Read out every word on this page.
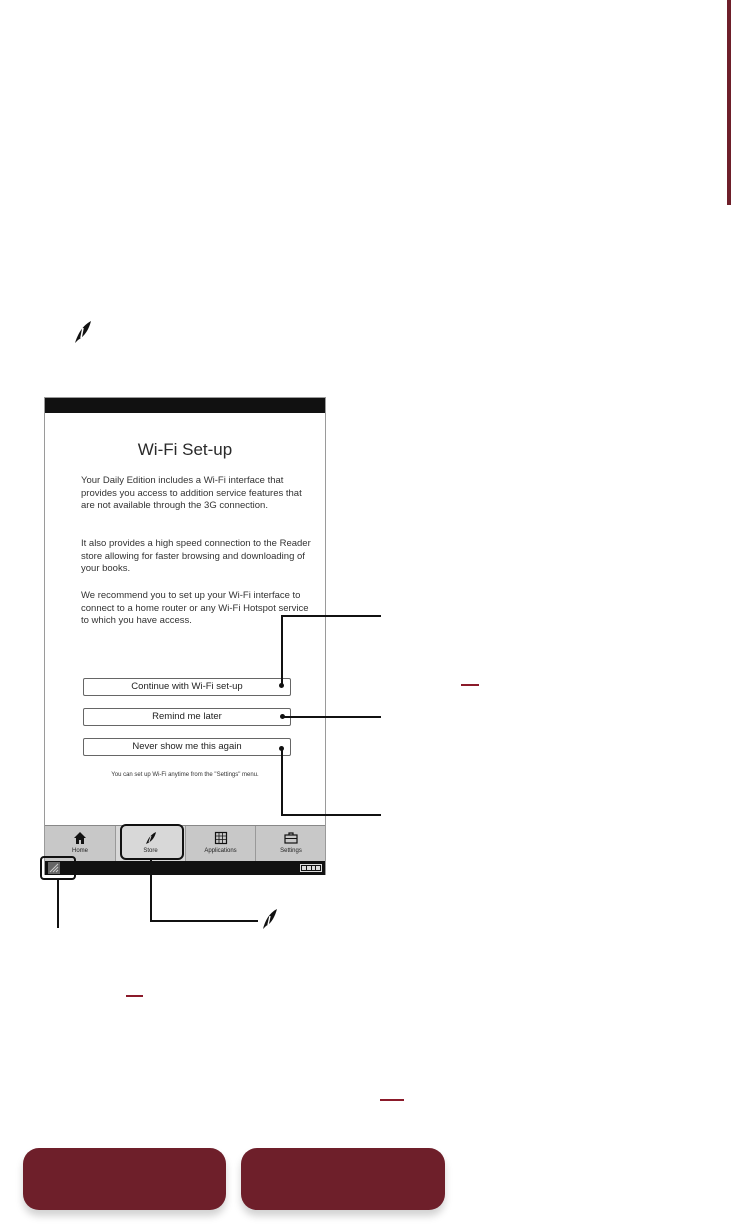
Wi-Fi Set-up

Your Daily Edition includes a Wi-Fi interface that provides you access to addition service features that are not available through the 3G connection.

It also provides a high speed connection to the Reader store allowing for faster browsing and downloading of your books.

We recommend you to set up your Wi-Fi interface to connect to a home router or any Wi-Fi Hotspot service to which you have access.

Continue with Wi-Fi set-up
Remind me later
Never show me this again
You can set up Wi-Fi anytime from the "Settings" menu.
Home	Store	Applications	Settings
